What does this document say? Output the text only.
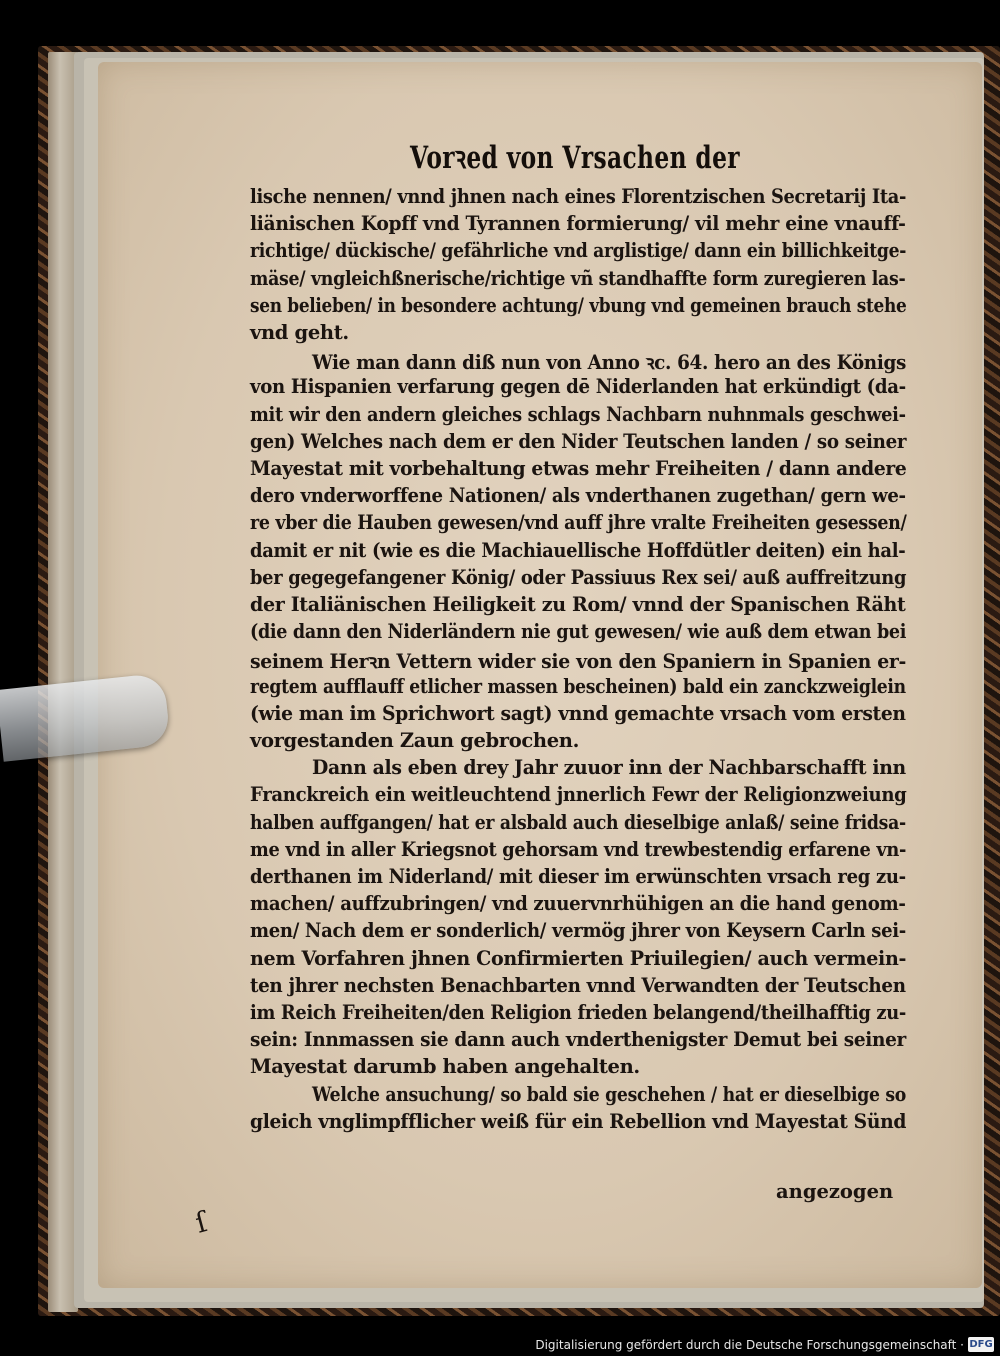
Vorꝛed von Vrsachen der
angezogen
ſ
Digitalisierung gefördert durch die Deutsche Forschungsgemeinschaft · DFG
lische nennen/ vnnd jhnen nach eines Florentzischen Secretarij Ita-
liänischen Kopff vnd Tyrannen formierung/ vil mehr eine vnauff-
richtige/ dückische/ gefährliche vnd arglistige/ dann ein billichkeitge-
mäse/ vngleichßnerische/richtige vñ standhaffte form zuregieren las-
sen belieben/ in besondere achtung/ vbung vnd gemeinen brauch stehe
vnd geht.
Wie man dann diß nun von Anno ꝛc. 64. hero an des Königs
von Hispanien verfarung gegen dē Niderlanden hat erkündigt (da-
mit wir den andern gleiches schlags Nachbarn nuhnmals geschwei-
gen) Welches nach dem er den Nider Teutschen landen / so seiner
Mayestat mit vorbehaltung etwas mehr Freiheiten / dann andere
dero vnderworffene Nationen/ als vnderthanen zugethan/ gern we-
re vber die Hauben gewesen/vnd auff jhre vralte Freiheiten gesessen/
damit er nit (wie es die Machiauellische Hoffdütler deiten) ein hal-
ber gegegefangener König/ oder Passiuus Rex sei/ auß auffreitzung
der Italiänischen Heiligkeit zu Rom/ vnnd der Spanischen Räht
(die dann den Niderländern nie gut gewesen/ wie auß dem etwan bei
seinem Herꝛn Vettern wider sie von den Spaniern in Spanien er-
regtem aufflauff etlicher massen bescheinen) bald ein zanckzweiglein
(wie man im Sprichwort sagt) vnnd gemachte vrsach vom ersten
vorgestanden Zaun gebrochen.
Dann als eben drey Jahr zuuor inn der Nachbarschafft inn
Franckreich ein weitleuchtend jnnerlich Fewr der Religionzweiung
halben auffgangen/ hat er alsbald auch dieselbige anlaß/ seine fridsa-
me vnd in aller Kriegsnot gehorsam vnd trewbestendig erfarene vn-
derthanen im Niderland/ mit dieser im erwünschten vrsach reg zu-
machen/ auffzubringen/ vnd zuuervnrhühigen an die hand genom-
men/ Nach dem er sonderlich/ vermög jhrer von Keysern Carln sei-
nem Vorfahren jhnen Confirmierten Priuilegien/ auch vermein-
ten jhrer nechsten Benachbarten vnnd Verwandten der Teutschen
im Reich Freiheiten/den Religion frieden belangend/theilhafftig zu-
sein: Innmassen sie dann auch vnderthenigster Demut bei seiner
Mayestat darumb haben angehalten.
Welche ansuchung/ so bald sie geschehen / hat er dieselbige so
gleich vnglimpfflicher weiß für ein Rebellion vnd Mayestat Sünd
